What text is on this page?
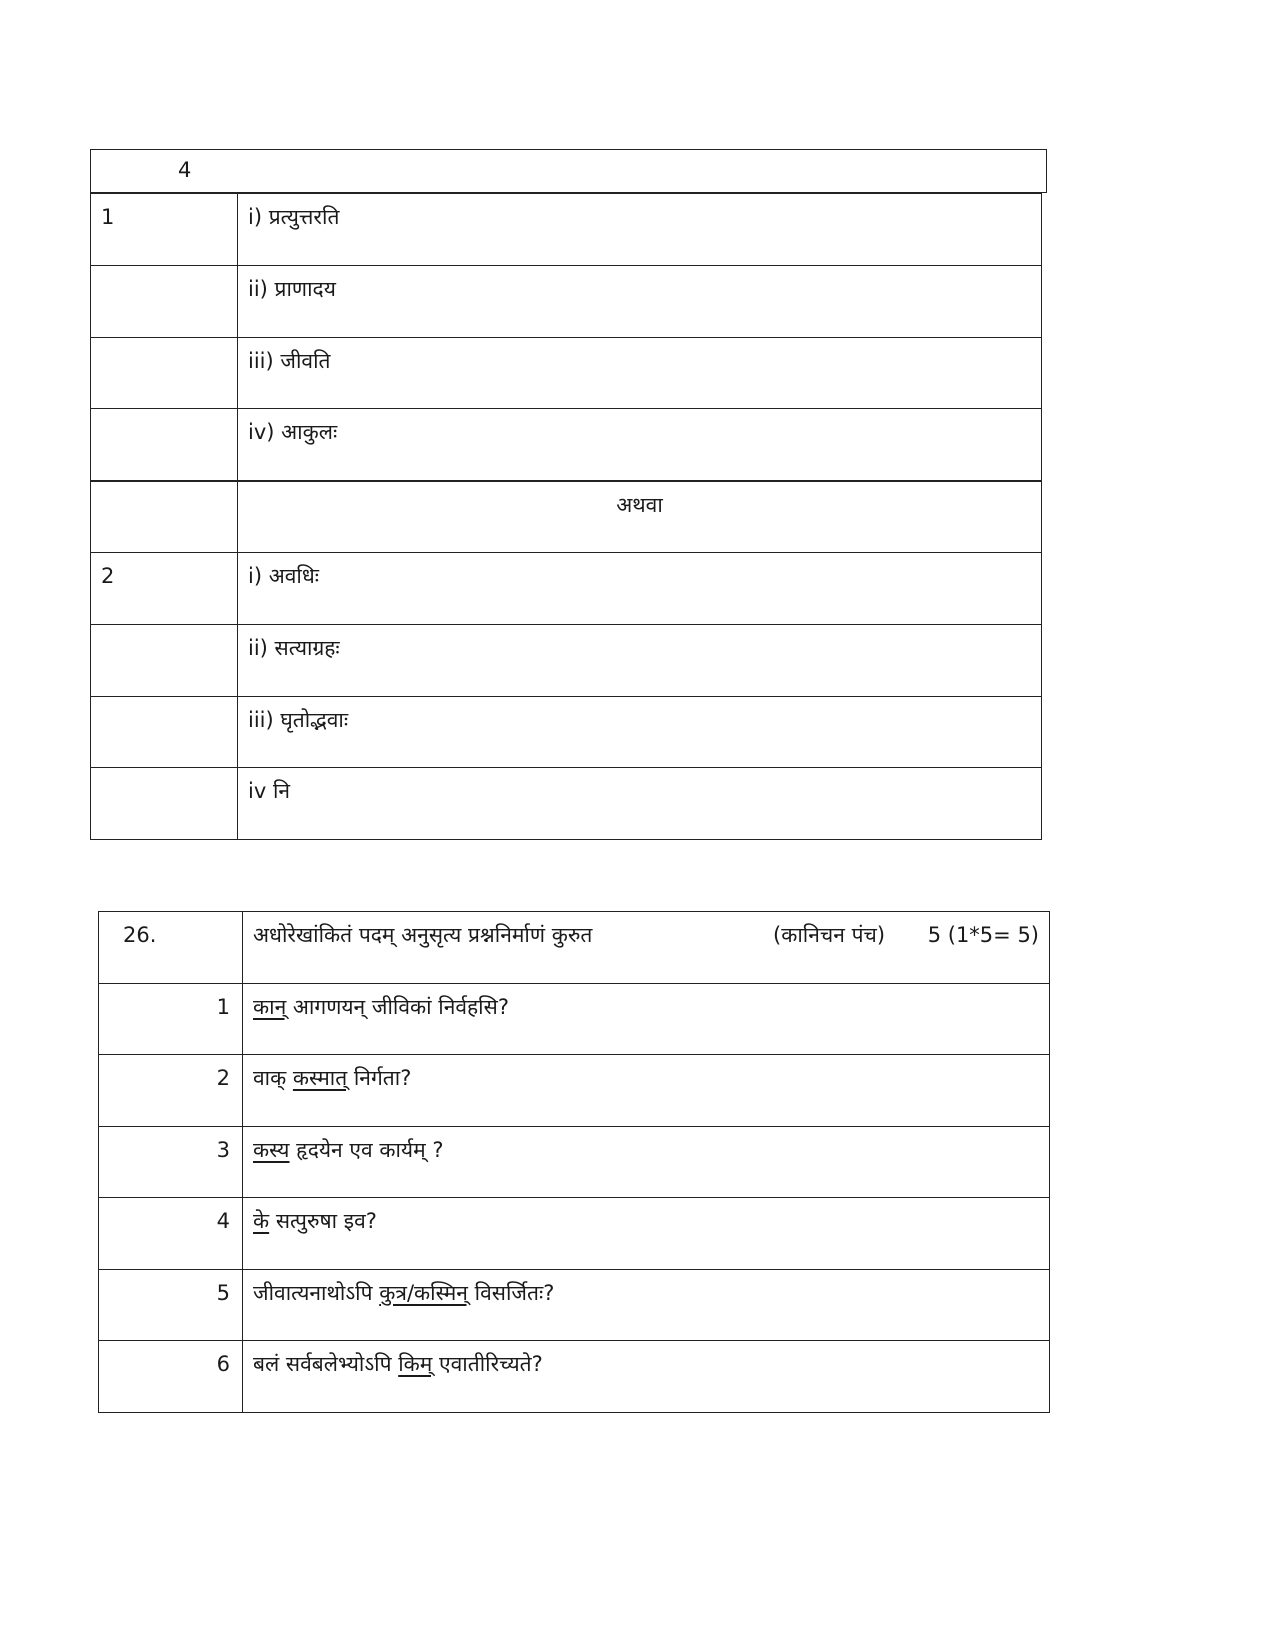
4
1	i) प्रत्युत्तरति
	ii) प्राणादय
	iii) जीवति
	iv) आकुलः
	अथवा
2	i) अवधिः
	ii) सत्याग्रहः
	iii) घृतोद्भवाः
	iv नि
26.	अधोरेखांकितं पदम् अनुसृत्य प्रश्ननिर्माणं कुरुत (कानिचन पंच) 5 (1*5= 5)

1	कान् आगणयन् जीविकां निर्वहसि?
2	वाक् कस्मात् निर्गता?
3	कस्य हृदयेन एव कार्यम् ?
4	के सत्पुरुषा इव?
5	जीवात्यनाथोऽपि कुत्र/कस्मिन् विसर्जितः?
6	बलं सर्वबलेभ्योऽपि किम् एवातीरिच्यते?
